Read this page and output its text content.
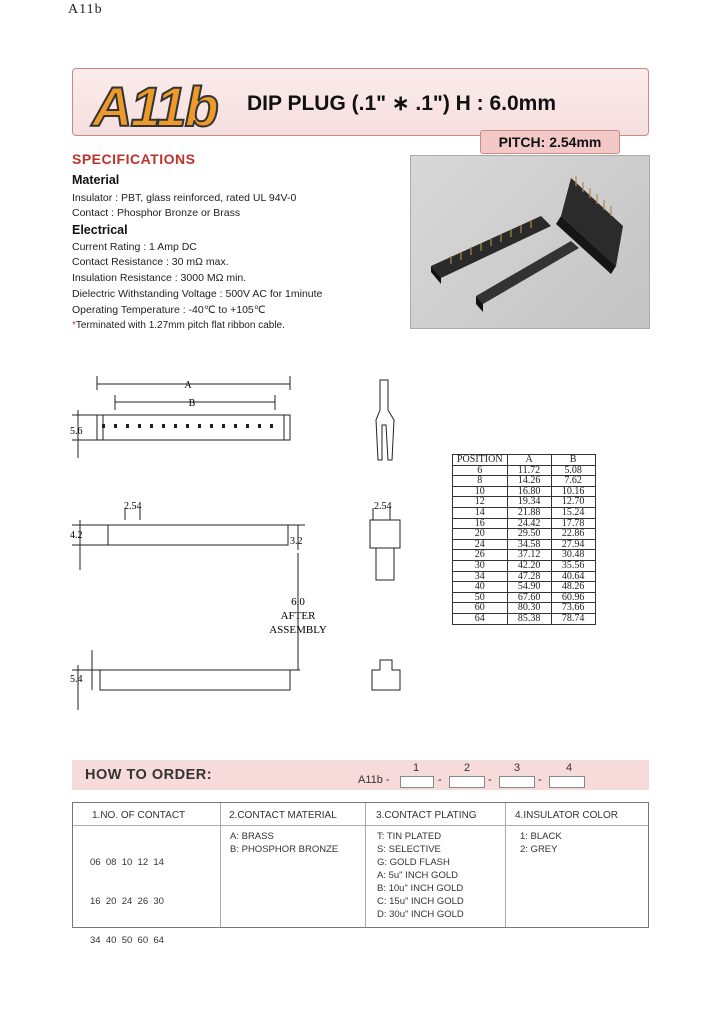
A11b
A11b DIP PLUG (.1" ∗ .1") H : 6.0mm
PITCH: 2.54mm
SPECIFICATIONS
Material
Insulator : PBT, glass reinforced, rated UL 94V-0
Contact : Phosphor Bronze or Brass
Electrical
Current Rating : 1 Amp DC
Contact Resistance : 30 mΩ max.
Insulation Resistance : 3000 MΩ min.
Dielectric Withstanding Voltage : 500V AC for 1minute
Operating Temperature : -40℃ to +105℃
*Terminated with 1.27mm pitch flat ribbon cable.
A
B
5.6
2.54
4.2
3.2
2.54
6.0
AFTER
ASSEMBLY
5.4
POSITION	A	B
6	11.72	5.08
8	14.26	7.62
10	16.80	10.16
12	19.34	12.70
14	21.88	15.24
16	24.42	17.78
20	29.50	22.86
24	34.58	27.94
26	37.12	30.48
30	42.20	35.56
34	47.28	40.64
40	54.90	48.26
50	67.60	60.96
60	80.30	73.66
64	85.38	78.74
HOW TO ORDER:	A11b -
1
-
2
-
3
-
4
1.NO. OF CONTACT	2.CONTACT MATERIAL	3.CONTACT PLATING	4.INSULATOR COLOR

06  08  10  12  14

16  20  24  26  30

34  40  50  60  64

A: BRASS
B: PHOSPHOR BRONZE
T: TIN PLATED
S: SELECTIVE
G: GOLD FLASH
A: 5u" INCH GOLD
B: 10u" INCH GOLD
C: 15u" INCH GOLD
D: 30u" INCH GOLD
1: BLACK
2: GREY
